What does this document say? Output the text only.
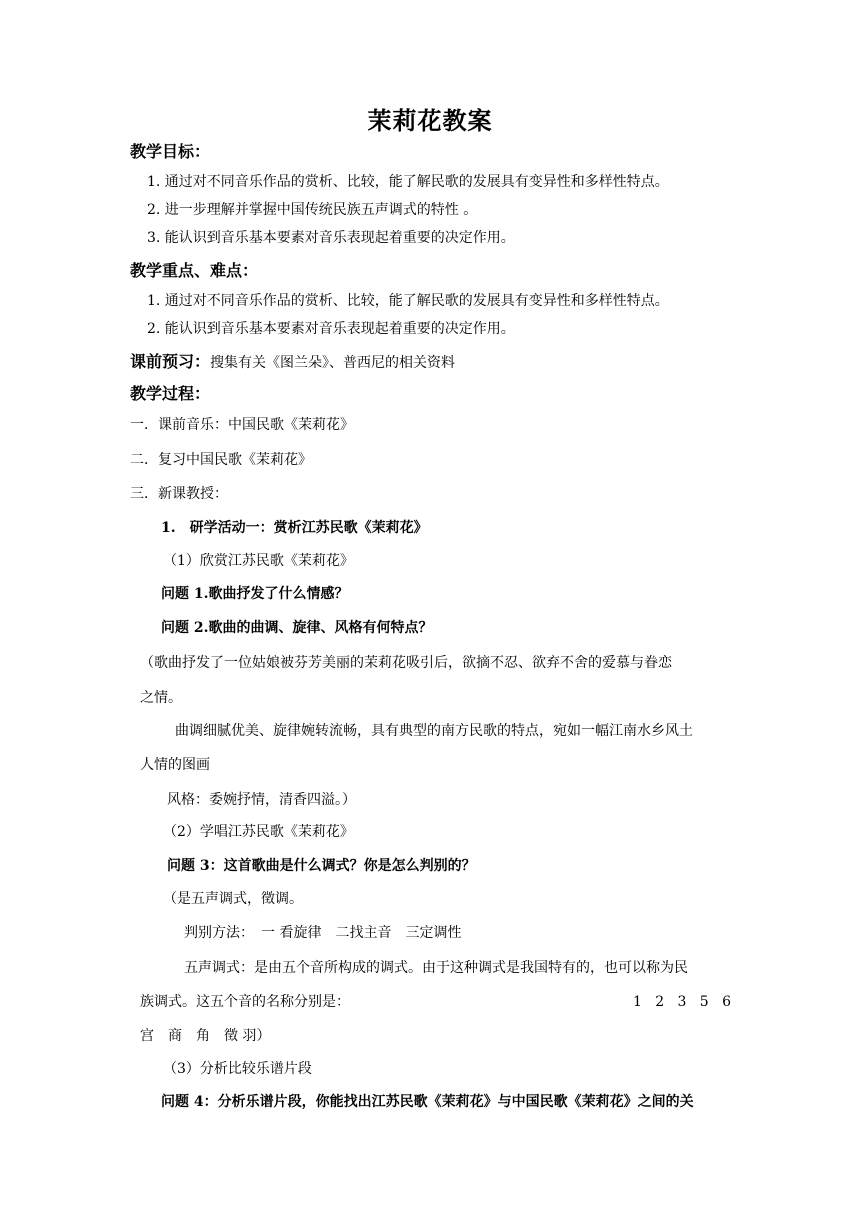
茉莉花教案
教学目标：
1. 通过对不同音乐作品的赏析、比较，能了解民歌的发展具有变异性和多样性特点。
2. 进一步理解并掌握中国传统民族五声调式的特性 。
3. 能认识到音乐基本要素对音乐表现起着重要的决定作用。
教学重点、难点：
1. 通过对不同音乐作品的赏析、比较，能了解民歌的发展具有变异性和多样性特点。
2. 能认识到音乐基本要素对音乐表现起着重要的决定作用。
课前预习：搜集有关《图兰朵》、普西尼的相关资料
教学过程：
一．课前音乐：中国民歌《茉莉花》
二．复习中国民歌《茉莉花》
三．新课教授：
1.　研学活动一：赏析江苏民歌《茉莉花》
（1）欣赏江苏民歌《茉莉花》
问题 1.歌曲抒发了什么情感？
问题 2.歌曲的曲调、旋律、风格有何特点？
（歌曲抒发了一位姑娘被芬芳美丽的茉莉花吸引后，欲摘不忍、欲弃不舍的爱慕与眷恋
之情。
曲调细腻优美、旋律婉转流畅，具有典型的南方民歌的特点，宛如一幅江南水乡风土
人情的图画
风格：委婉抒情，清香四溢。）
（2）学唱江苏民歌《茉莉花》
问题 3：这首歌曲是什么调式？你是怎么判别的？
（是五声调式，徵调。
判别方法：　一 看旋律　二找主音　三定调性
五声调式：是由五个音所构成的调式。由于这种调式是我国特有的，也可以称为民
族调式。这五个音的名称分别是：	1 2 3 5 6
宫　商　角　徵 羽）
（3）分析比较乐谱片段
问题 4：分析乐谱片段，你能找出江苏民歌《茉莉花》与中国民歌《茉莉花》之间的关
